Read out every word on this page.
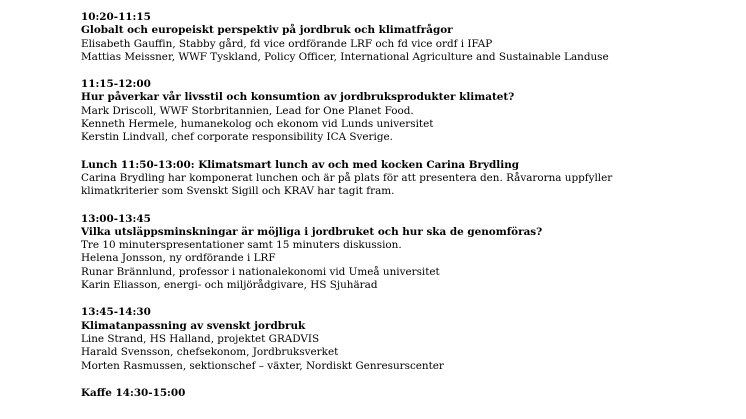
10:20-11:15

Globalt och europeiskt perspektiv på jordbruk och klimatfrågor

Elisabeth Gauffin, Stabby gård, fd vice ordförande LRF och fd vice ordf i IFAP

Mattias Meissner, WWF Tyskland, Policy Officer, International Agriculture and Sustainable Landuse

11:15-12:00

Hur påverkar vår livsstil och konsumtion av jordbruksprodukter klimatet?

Mark Driscoll, WWF Storbritannien, Lead for One Planet Food.

Kenneth Hermele, humanekolog och ekonom vid Lunds universitet

Kerstin Lindvall, chef corporate responsibility ICA Sverige.

Lunch 11:50-13:00: Klimatsmart lunch av och med kocken Carina Brydling

Carina Brydling har komponerat lunchen och är på plats för att presentera den. Råvarorna uppfyller

klimatkriterier som Svenskt Sigill och KRAV har tagit fram.

13:00-13:45

Vilka utsläppsminskningar är möjliga i jordbruket och hur ska de genomföras?

Tre 10 minuterspresentationer samt 15 minuters diskussion.

Helena Jonsson, ny ordförande i LRF

Runar Brännlund, professor i nationalekonomi vid Umeå universitet

Karin Eliasson, energi- och miljörådgivare, HS Sjuhärad

13:45-14:30

Klimatanpassning av svenskt jordbruk

Line Strand, HS Halland, projektet GRADVIS

Harald Svensson, chefsekonom, Jordbruksverket

Morten Rasmussen, sektionschef – växter, Nordiskt Genresurscenter

Kaffe 14:30-15:00
